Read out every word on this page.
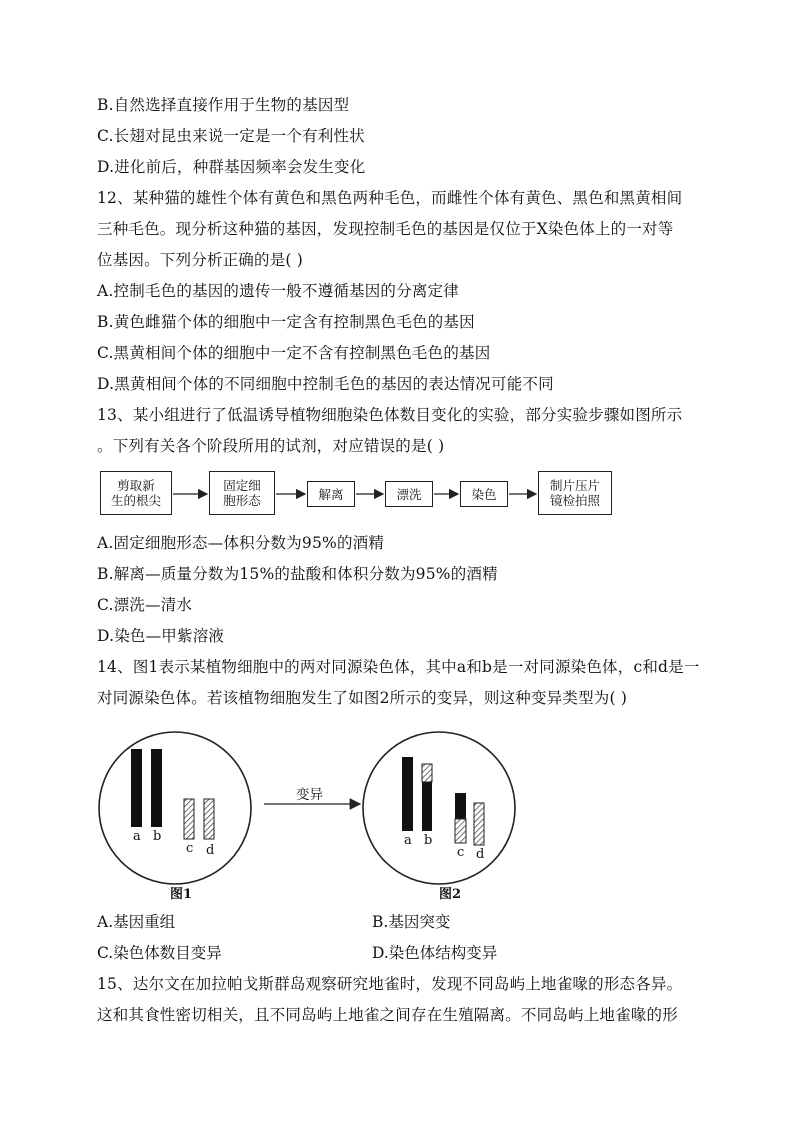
B.自然选择直接作用于生物的基因型
C.长翅对昆虫来说一定是一个有利性状
D.进化前后，种群基因频率会发生变化
12、某种猫的雄性个体有黄色和黑色两种毛色，而雌性个体有黄色、黑色和黑黄相间
三种毛色。现分析这种猫的基因，发现控制毛色的基因是仅位于X染色体上的一对等
位基因。下列分析正确的是( )
A.控制毛色的基因的遗传一般不遵循基因的分离定律
B.黄色雌猫个体的细胞中一定含有控制黑色毛色的基因
C.黑黄相间个体的细胞中一定不含有控制黑色毛色的基因
D.黑黄相间个体的不同细胞中控制毛色的基因的表达情况可能不同
13、某小组进行了低温诱导植物细胞染色体数目变化的实验，部分实验步骤如图所示
。下列有关各个阶段所用的试剂，对应错误的是( )
剪取新
生的根尖
固定细
胞形态	解离	漂洗	染色
制片压片
镜检拍照
A.固定细胞形态—体积分数为95%的酒精
B.解离—质量分数为15%的盐酸和体积分数为95%的酒精
C.漂洗—清水
D.染色—甲紫溶液
14、图1表示某植物细胞中的两对同源染色体，其中a和b是一对同源染色体，c和d是一
对同源染色体。若该植物细胞发生了如图2所示的变异，则这种变异类型为( )
a b
c d
a b
c d
变异
图1	图2
A.基因重组	B.基因突变
C.染色体数目变异	D.染色体结构变异
15、达尔文在加拉帕戈斯群岛观察研究地雀时，发现不同岛屿上地雀喙的形态各异。
这和其食性密切相关，且不同岛屿上地雀之间存在生殖隔离。不同岛屿上地雀喙的形
